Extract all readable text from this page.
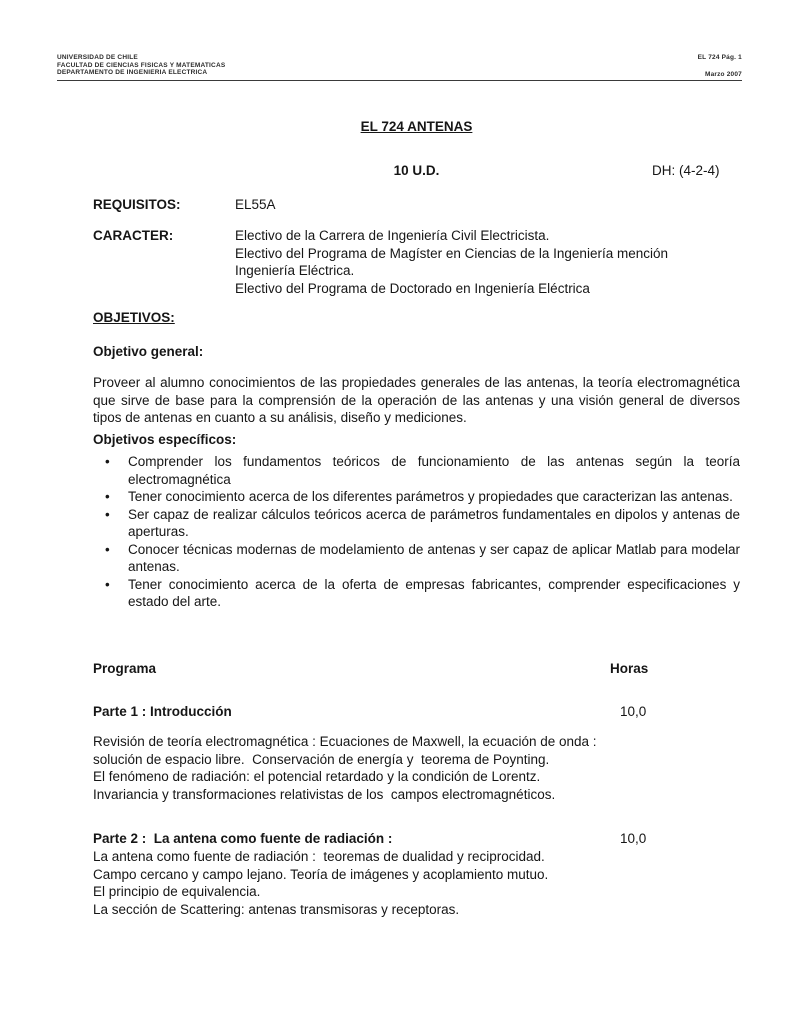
UNIVERSIDAD DE CHILE
FACULTAD DE CIENCIAS FISICAS Y MATEMATICAS
DEPARTAMENTO DE INGENIERIA ELECTRICA
EL 724 Pág. 1
Marzo 2007
EL 724 ANTENAS
10 U.D.	DH: (4-2-4)
REQUISITOS:	EL55A
CARACTER:	Electivo de la Carrera de Ingeniería Civil Electricista.
Electivo del Programa de Magíster en Ciencias de la Ingeniería mención
Ingeniería Eléctrica.
Electivo del Programa de Doctorado en Ingeniería Eléctrica
OBJETIVOS:
Objetivo general:
Proveer al alumno conocimientos de las propiedades generales de las antenas, la teoría electromagnética que sirve de base para la comprensión de la operación de las antenas y una visión general de diversos tipos de antenas en cuanto a su análisis, diseño y mediciones.
Objetivos específicos:
• Comprender los fundamentos teóricos de funcionamiento de las antenas según la teoría electromagnética
• Tener conocimiento acerca de los diferentes parámetros y propiedades que caracterizan las antenas.
• Ser capaz de realizar cálculos teóricos acerca de parámetros fundamentales en dipolos y antenas de aperturas.
• Conocer técnicas modernas de modelamiento de antenas y ser capaz de aplicar Matlab para modelar antenas.
• Tener conocimiento acerca de la oferta de empresas fabricantes, comprender especificaciones y estado del arte.
Programa	Horas
Parte 1 : Introducción	10,0
Revisión de teoría electromagnética : Ecuaciones de Maxwell, la ecuación de onda :
solución de espacio libre.  Conservación de energía y  teorema de Poynting.
El fenómeno de radiación: el potencial retardado y la condición de Lorentz.
Invariancia y transformaciones relativistas de los  campos electromagnéticos.
Parte 2 :  La antena como fuente de radiación :	10,0
La antena como fuente de radiación :  teoremas de dualidad y reciprocidad.
Campo cercano y campo lejano. Teoría de imágenes y acoplamiento mutuo.
El principio de equivalencia.
La sección de Scattering: antenas transmisoras y receptoras.
